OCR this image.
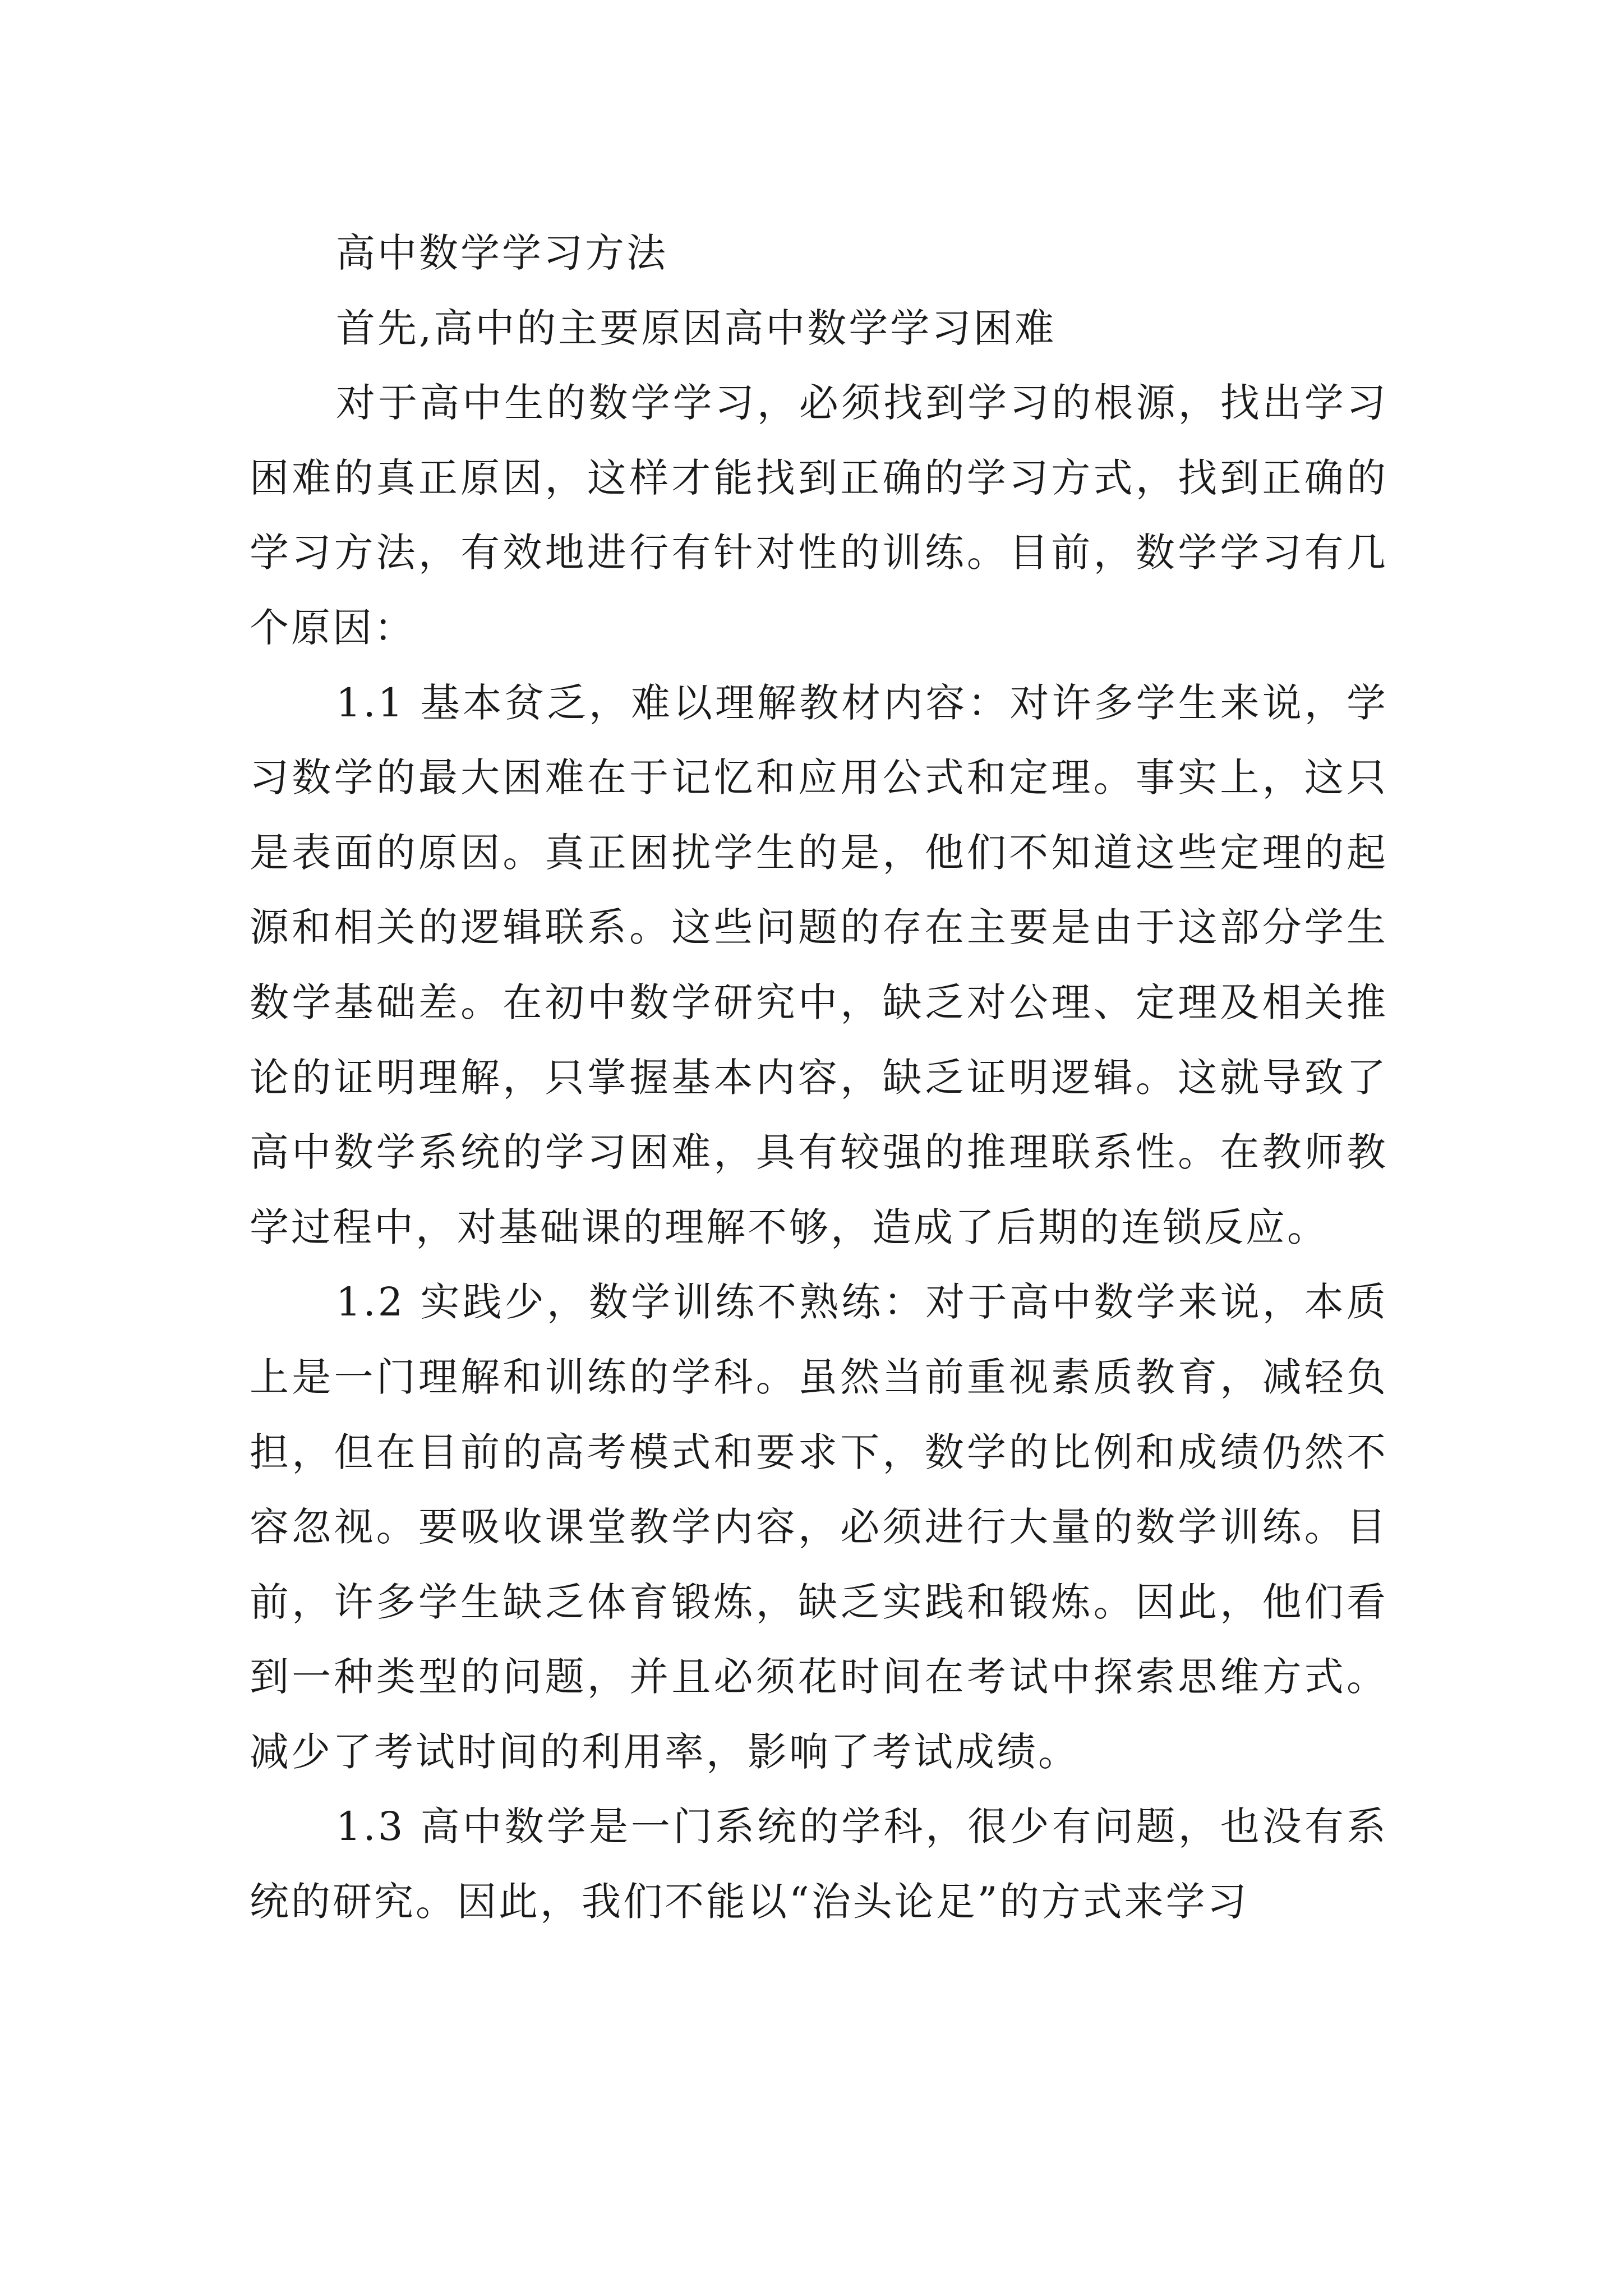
高中数学学习方法

首先,高中的主要原因高中数学学习困难

对于高中生的数学学习，必须找到学习的根源，找出学习困难的真正原因，这样才能找到正确的学习方式，找到正确的学习方法，有效地进行有针对性的训练。目前，数学学习有几个原因：

1.1 基本贫乏，难以理解教材内容：对许多学生来说，学习数学的最大困难在于记忆和应用公式和定理。事实上，这只是表面的原因。真正困扰学生的是，他们不知道这些定理的起源和相关的逻辑联系。这些问题的存在主要是由于这部分学生数学基础差。在初中数学研究中，缺乏对公理、定理及相关推论的证明理解，只掌握基本内容，缺乏证明逻辑。这就导致了高中数学系统的学习困难，具有较强的推理联系性。在教师教学过程中，对基础课的理解不够，造成了后期的连锁反应。

1.2 实践少，数学训练不熟练：对于高中数学来说，本质上是一门理解和训练的学科。虽然当前重视素质教育，减轻负担，但在目前的高考模式和要求下，数学的比例和成绩仍然不容忽视。要吸收课堂教学内容，必须进行大量的数学训练。目前，许多学生缺乏体育锻炼，缺乏实践和锻炼。因此，他们看到一种类型的问题，并且必须花时间在考试中探索思维方式。减少了考试时间的利用率，影响了考试成绩。

1.3 高中数学是一门系统的学科，很少有问题，也没有系统的研究。因此，我们不能以“治头论足”的方式来学习
